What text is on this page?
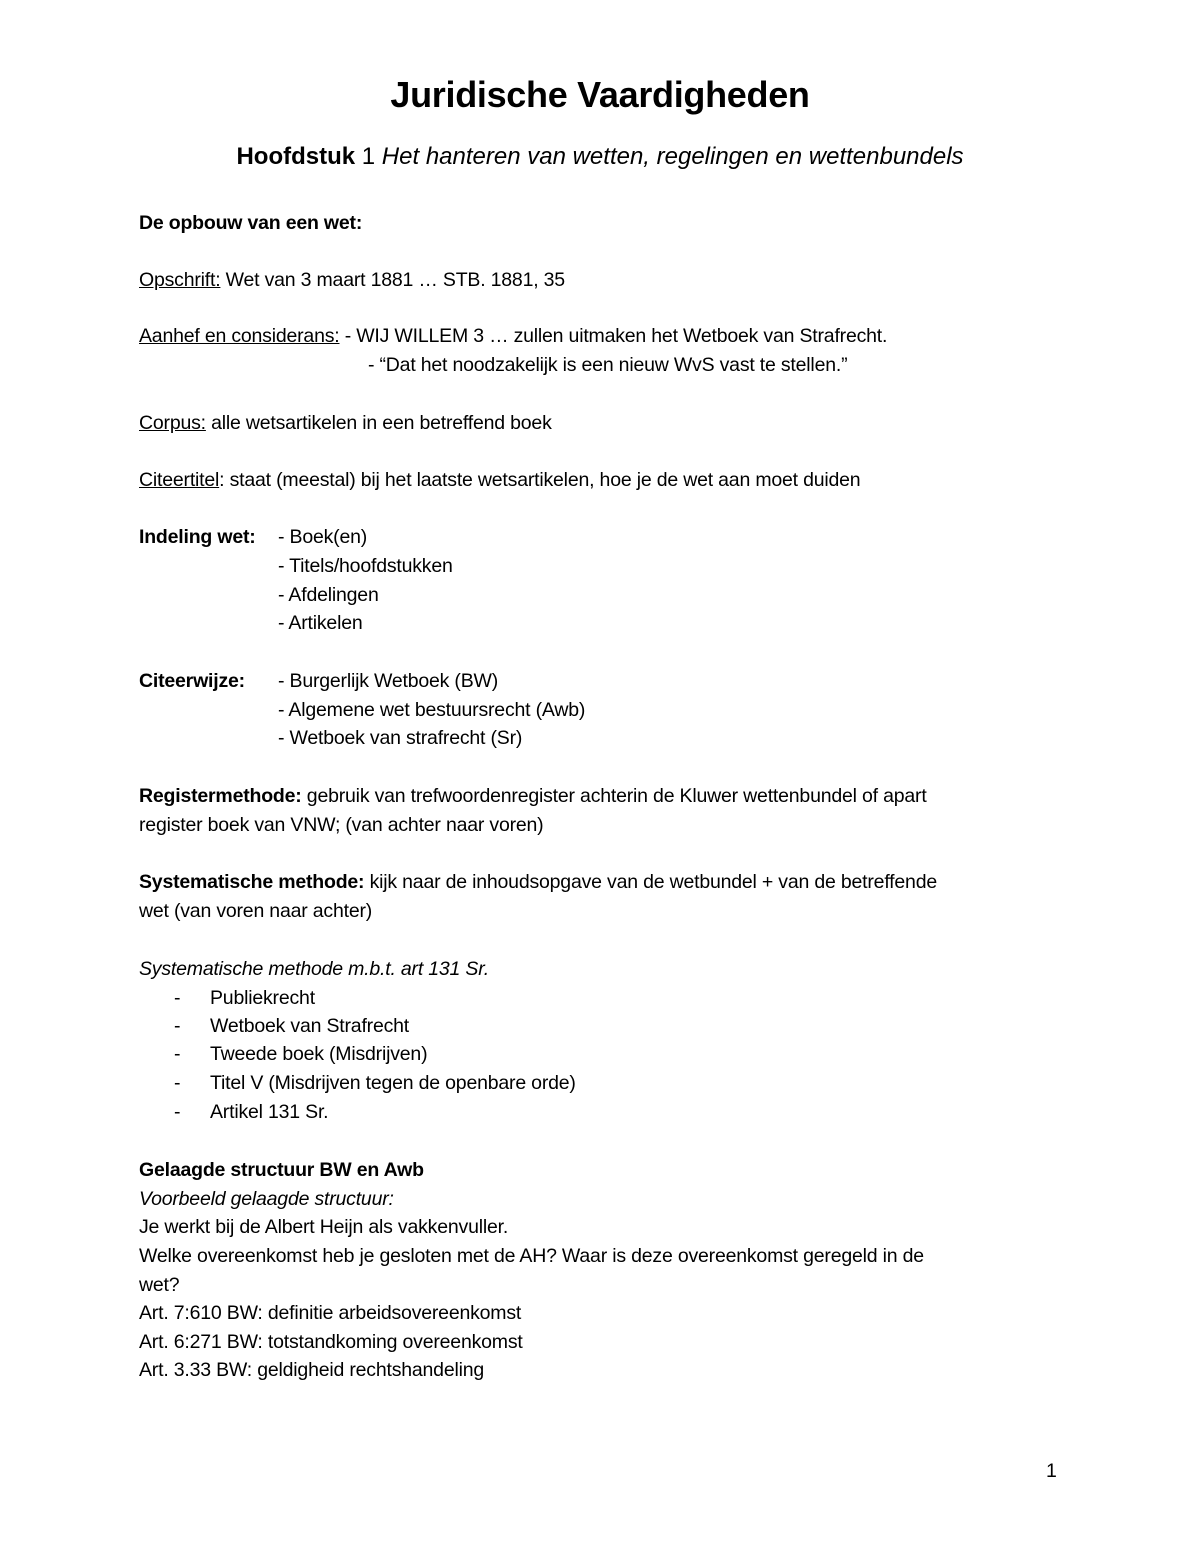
Juridische Vaardigheden
Hoofdstuk 1 Het hanteren van wetten, regelingen en wettenbundels
De opbouw van een wet:
Opschrift: Wet van 3 maart 1881 … STB. 1881, 35
Aanhef en considerans: - WIJ WILLEM 3 … zullen uitmaken het Wetboek van Strafrecht.
- “Dat het noodzakelijk is een nieuw WvS vast te stellen.”
Corpus: alle wetsartikelen in een betreffend boek
Citeertitel: staat (meestal) bij het laatste wetsartikelen, hoe je de wet aan moet duiden
Indeling wet: - Boek(en)
- Titels/hoofdstukken
- Afdelingen
- Artikelen
Citeerwijze: - Burgerlijk Wetboek (BW)
- Algemene wet bestuursrecht (Awb)
- Wetboek van strafrecht (Sr)
Registermethode: gebruik van trefwoordenregister achterin de Kluwer wettenbundel of apart
register boek van VNW; (van achter naar voren)
Systematische methode: kijk naar de inhoudsopgave van de wetbundel + van de betreffende
wet (van voren naar achter)
Systematische methode m.b.t. art 131 Sr.
- Publiekrecht
- Wetboek van Strafrecht
- Tweede boek (Misdrijven)
- Titel V (Misdrijven tegen de openbare orde)
- Artikel 131 Sr.
Gelaagde structuur BW en Awb
Voorbeeld gelaagde structuur:
Je werkt bij de Albert Heijn als vakkenvuller.
Welke overeenkomst heb je gesloten met de AH? Waar is deze overeenkomst geregeld in de
wet?
Art. 7:610 BW: definitie arbeidsovereenkomst
Art. 6:271 BW: totstandkoming overeenkomst
Art. 3.33 BW: geldigheid rechtshandeling
1
